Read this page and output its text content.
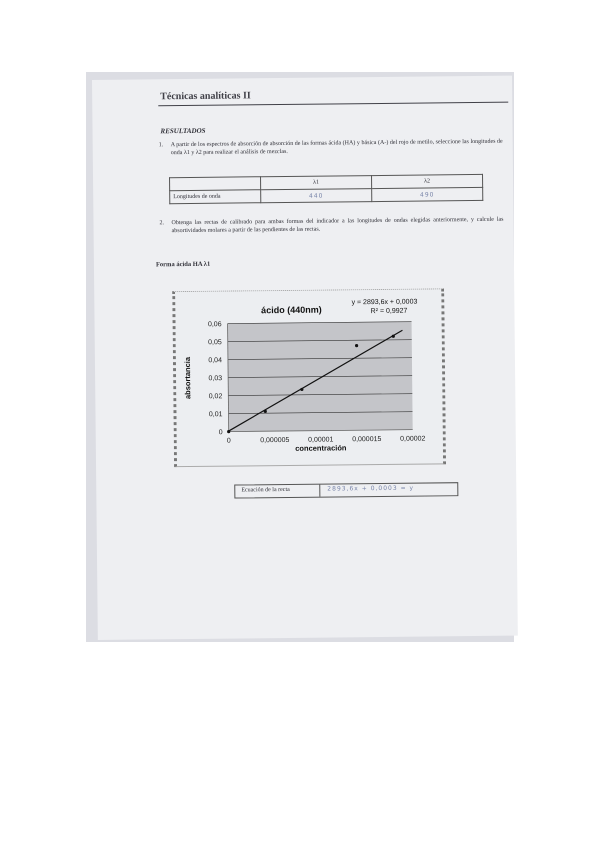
Técnicas analíticas II
RESULTADOS
1. A partir de los espectros de absorción de absorción de las formas ácida (HA) y básica (A-) del rojo de metilo, seleccione las longitudes de onda λ1 y λ2 para realizar el análisis de mezclas.
	λ1	λ2
Longitudes de onda	440	490
2. Obtenga las rectas de calibrado para ambas formas del indicador a las longitudes de ondas elegidas anteriormente, y calcule las absortividades molares a partir de las pendientes de las rectas.
Forma ácida HA λ1
0
0,01
0,02
0,03
0,04
0,05
0,06
0	0,000005	0,00001	0,000015	0,00002
ácido (440nm)
y = 2893,6x + 0,0003
R² = 0,9927
concentración
absortancia
Ecuación de la recta	2893,6x + 0,0003 = y
